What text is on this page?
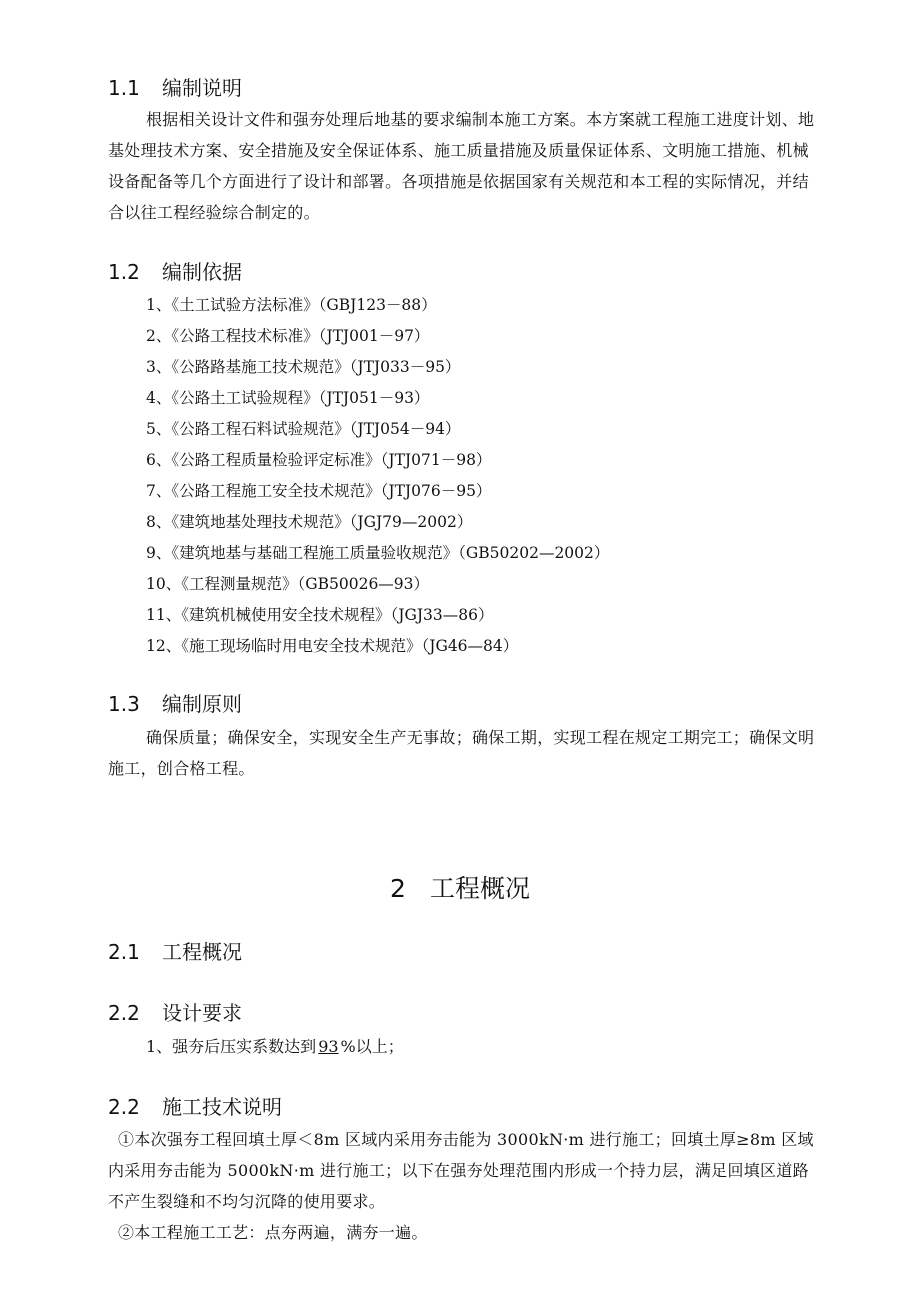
1.1 编制说明
根据相关设计文件和强夯处理后地基的要求编制本施工方案。本方案就工程施工进度计划、地基处理技术方案、安全措施及安全保证体系、施工质量措施及质量保证体系、文明施工措施、机械设备配备等几个方面进行了设计和部署。各项措施是依据国家有关规范和本工程的实际情况，并结合以往工程经验综合制定的。
1.2 编制依据
1、《土工试验方法标准》（GBJ123－88）
2、《公路工程技术标准》（JTJ001－97）
3、《公路路基施工技术规范》（JTJ033－95）
4、《公路土工试验规程》（JTJ051－93）
5、《公路工程石料试验规范》（JTJ054－94）
6、《公路工程质量检验评定标准》（JTJ071－98）
7、《公路工程施工安全技术规范》（JTJ076－95）
8、《建筑地基处理技术规范》（JGJ79—2002）
9、《建筑地基与基础工程施工质量验收规范》（GB50202—2002）
10、《工程测量规范》（GB50026—93）
11、《建筑机械使用安全技术规程》（JGJ33—86）
12、《施工现场临时用电安全技术规范》（JG46—84）
1.3 编制原则
确保质量；确保安全，实现安全生产无事故；确保工期，实现工程在规定工期完工；确保文明施工，创合格工程。
2 工程概况
2.1 工程概况
2.2 设计要求
1、强夯后压实系数达到 93 %以上；
2.2 施工技术说明
①本次强夯工程回填土厚＜8m 区域内采用夯击能为 3000kN·m 进行施工；回填土厚≥8m 区域内采用夯击能为 5000kN·m 进行施工；以下在强夯处理范围内形成一个持力层，满足回填区道路不产生裂缝和不均匀沉降的使用要求。
②本工程施工工艺：点夯两遍，满夯一遍。
